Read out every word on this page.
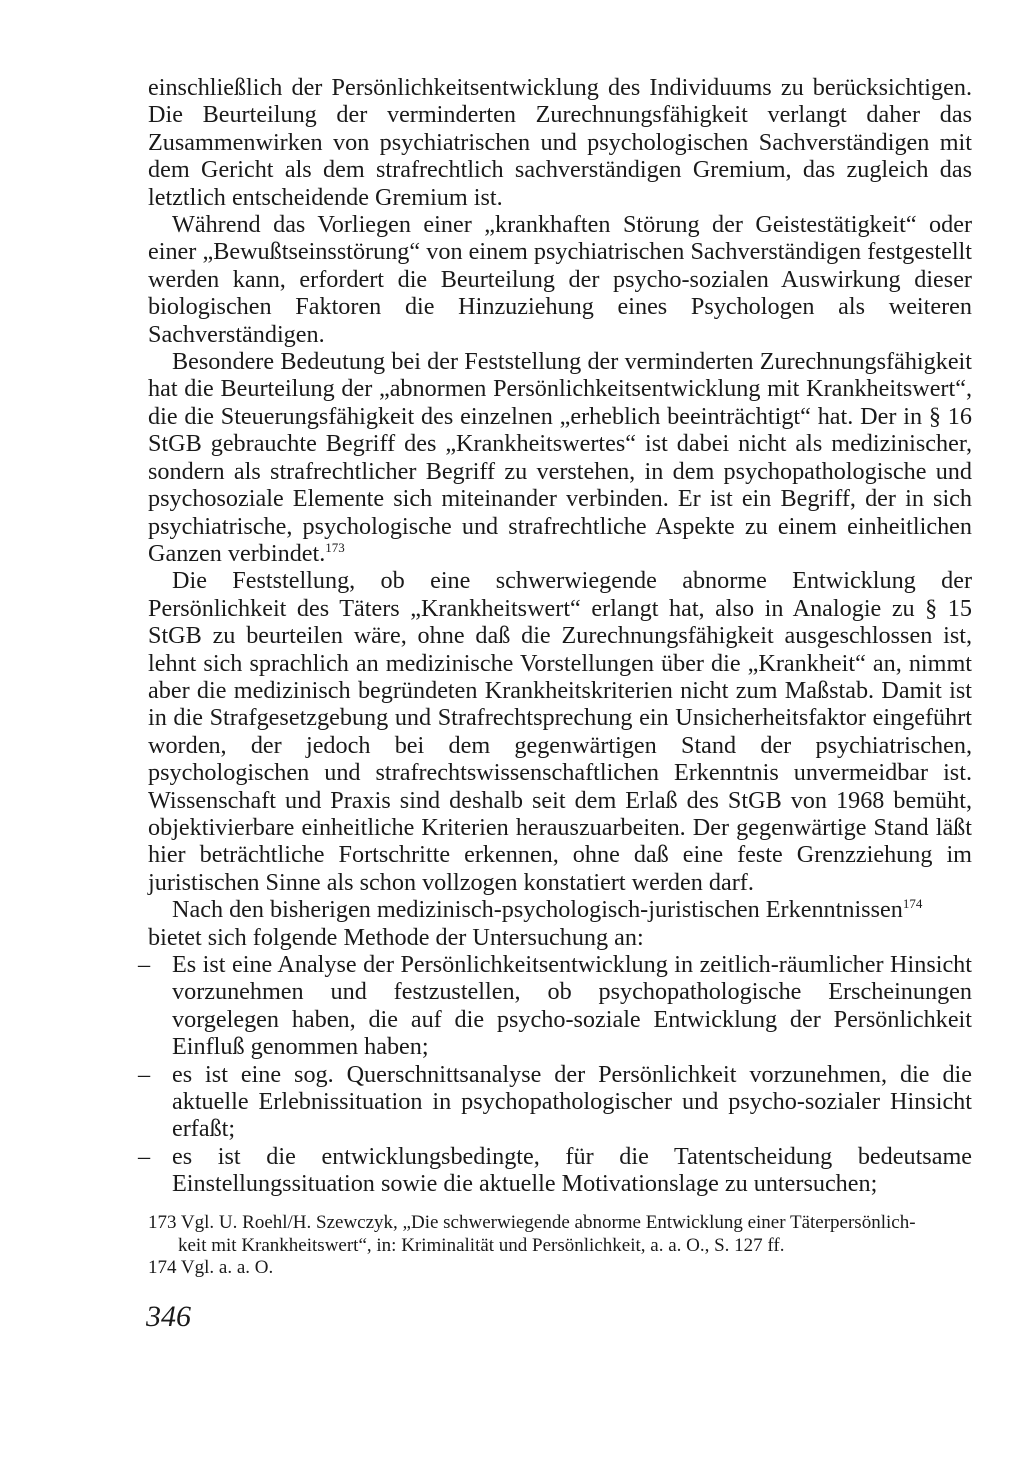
einschließlich der Persönlichkeitsentwicklung des Individuums zu berücksichtigen. Die Beurteilung der verminderten Zurechnungsfähigkeit verlangt daher das Zusammenwirken von psychiatrischen und psychologischen Sachverständigen mit dem Gericht als dem strafrechtlich sachverständigen Gremium, das zugleich das letztlich entscheidende Gremium ist.

Während das Vorliegen einer „krankhaften Störung der Geistestätigkeit“ oder einer „Bewußtseinsstörung“ von einem psychiatrischen Sachverständigen festgestellt werden kann, erfordert die Beurteilung der psycho-sozialen Auswirkung dieser biologischen Faktoren die Hinzuziehung eines Psychologen als weiteren Sachverständigen.

Besondere Bedeutung bei der Feststellung der verminderten Zurechnungsfähigkeit hat die Beurteilung der „abnormen Persönlichkeitsentwicklung mit Krankheitswert“, die die Steuerungsfähigkeit des einzelnen „erheblich beeinträchtigt“ hat. Der in § 16 StGB gebrauchte Begriff des „Krankheitswertes“ ist dabei nicht als medizinischer, sondern als strafrechtlicher Begriff zu verstehen, in dem psychopathologische und psychosoziale Elemente sich miteinander verbinden. Er ist ein Begriff, der in sich psychiatrische, psychologische und strafrechtliche Aspekte zu einem einheitlichen Ganzen verbindet.$^{173}$

Die Feststellung, ob eine schwerwiegende abnorme Entwicklung der Persönlichkeit des Täters „Krankheitswert“ erlangt hat, also in Analogie zu § 15 StGB zu beurteilen wäre, ohne daß die Zurechnungsfähigkeit ausgeschlossen ist, lehnt sich sprachlich an medizinische Vorstellungen über die „Krankheit“ an, nimmt aber die medizinisch begründeten Krankheitskriterien nicht zum Maßstab. Damit ist in die Strafgesetzgebung und Strafrechtsprechung ein Unsicherheitsfaktor eingeführt worden, der jedoch bei dem gegenwärtigen Stand der psychiatrischen, psychologischen und strafrechtswissenschaftlichen Erkenntnis unvermeidbar ist. Wissenschaft und Praxis sind deshalb seit dem Erlaß des StGB von 1968 bemüht, objektivierbare einheitliche Kriterien herauszuarbeiten. Der gegenwärtige Stand läßt hier beträchtliche Fortschritte erkennen, ohne daß eine feste Grenzziehung im juristischen Sinne als schon vollzogen konstatiert werden darf.

Nach den bisherigen medizinisch-psychologisch-juristischen Erkenntnissen$^{174}$

bietet sich folgende Methode der Untersuchung an:

– Es ist eine Analyse der Persönlichkeitsentwicklung in zeitlich-räumlicher Hinsicht vorzunehmen und festzustellen, ob psychopathologische Erscheinungen vorgelegen haben, die auf die psycho-soziale Entwicklung der Persönlichkeit Einfluß genommen haben;
– es ist eine sog. Querschnittsanalyse der Persönlichkeit vorzunehmen, die die aktuelle Erlebnissituation in psychopathologischer und psycho-sozialer Hinsicht erfaßt;
– es ist die entwicklungsbedingte, für die Tatentscheidung bedeutsame Einstellungssituation sowie die aktuelle Motivationslage zu untersuchen;

173 Vgl. U. Roehl/H. Szewczyk, „Die schwerwiegende abnorme Entwicklung einer Täterpersönlich-
keit mit Krankheitswert“, in: Kriminalität und Persönlichkeit, a. a. O., S. 127 ff.

174 Vgl. a. a. O.

346
